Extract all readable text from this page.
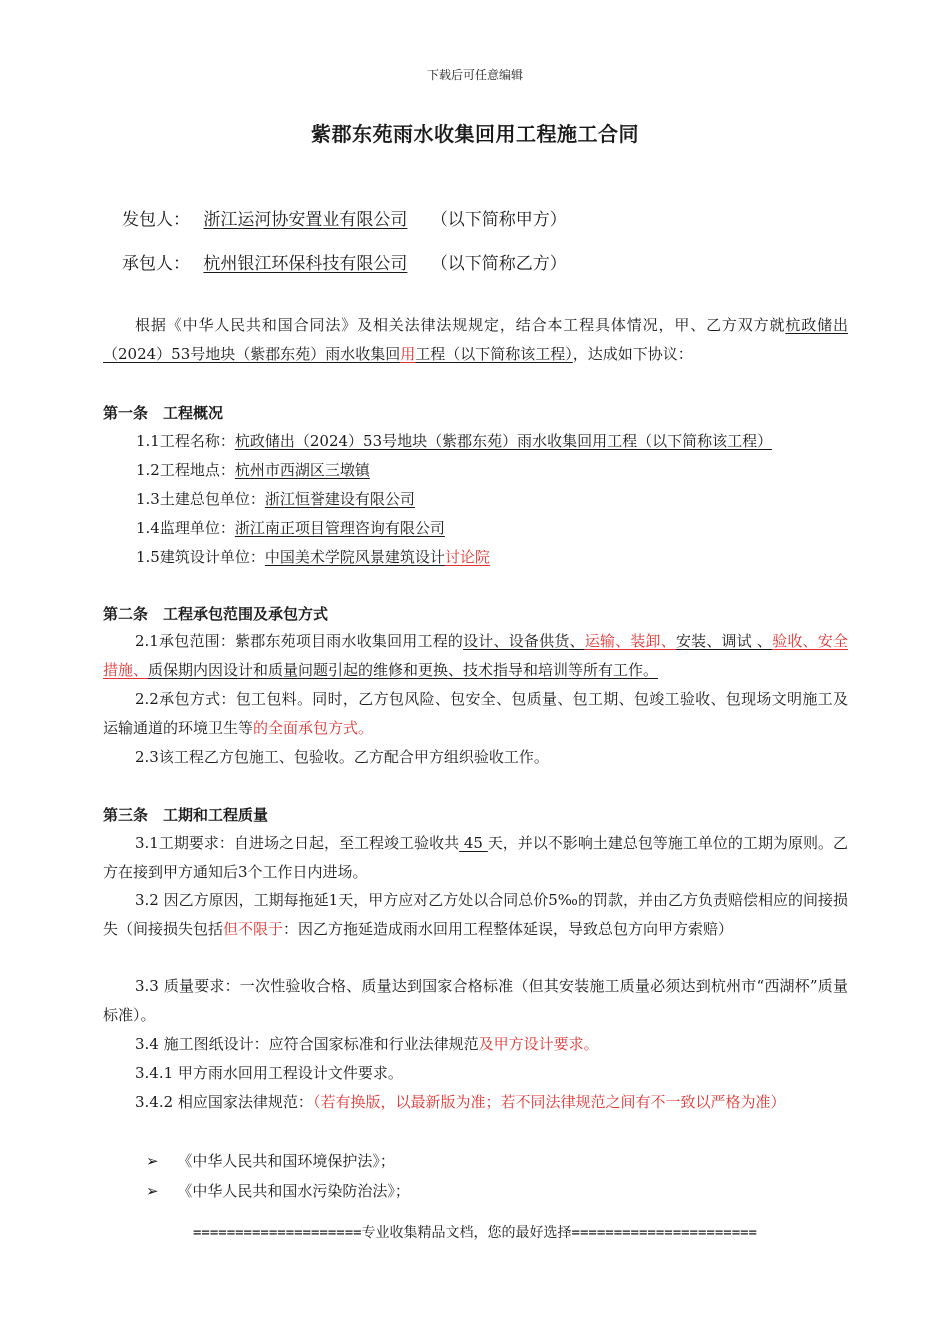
下载后可任意编辑
紫郡东苑雨水收集回用工程施工合同
发包人： 浙江运河协安置业有限公司 （以下简称甲方）
承包人： 杭州银江环保科技有限公司 （以下简称乙方）
根据《中华人民共和国合同法》及相关法律法规规定，结合本工程具体情况，甲、乙方双方就杭政储出（2024）53号地块（紫郡东苑）雨水收集回用工程（以下简称该工程），达成如下协议：
第一条　工程概况
1.1工程名称：杭政储出（2024）53号地块（紫郡东苑）雨水收集回用工程（以下简称该工程）
1.2工程地点：杭州市西湖区三墩镇
1.3土建总包单位：浙江恒誉建设有限公司
1.4监理单位：浙江南正项目管理咨询有限公司
1.5建筑设计单位：中国美术学院风景建筑设计讨论院
第二条　工程承包范围及承包方式
2.1承包范围：紫郡东苑项目雨水收集回用工程的设计、设备供货、运输、装卸、安装、调试 、验收、安全措施、质保期内因设计和质量问题引起的维修和更换、技术指导和培训等所有工作。
2.2承包方式：包工包料。同时，乙方包风险、包安全、包质量、包工期、包竣工验收、包现场文明施工及运输通道的环境卫生等的全面承包方式。
2.3该工程乙方包施工、包验收。乙方配合甲方组织验收工作。
第三条　工期和工程质量
3.1工期要求：自进场之日起，至工程竣工验收共 45 天，并以不影响土建总包等施工单位的工期为原则。乙方在接到甲方通知后3个工作日内进场。
3.2 因乙方原因，工期每拖延1天，甲方应对乙方处以合同总价5‰的罚款，并由乙方负责赔偿相应的间接损失（间接损失包括但不限于：因乙方拖延造成雨水回用工程整体延误，导致总包方向甲方索赔）
3.3 质量要求：一次性验收合格、质量达到国家合格标准（但其安装施工质量必须达到杭州市“西湖杯”质量标准）。
3.4 施工图纸设计：应符合国家标准和行业法律规范及甲方设计要求。
3.4.1 甲方雨水回用工程设计文件要求。
3.4.2 相应国家法律规范：（若有换版，以最新版为准；若不同法律规范之间有不一致以严格为准）
➢ 《中华人民共和国环境保护法》；
➢ 《中华人民共和国水污染防治法》；
====================专业收集精品文档，您的最好选择======================
